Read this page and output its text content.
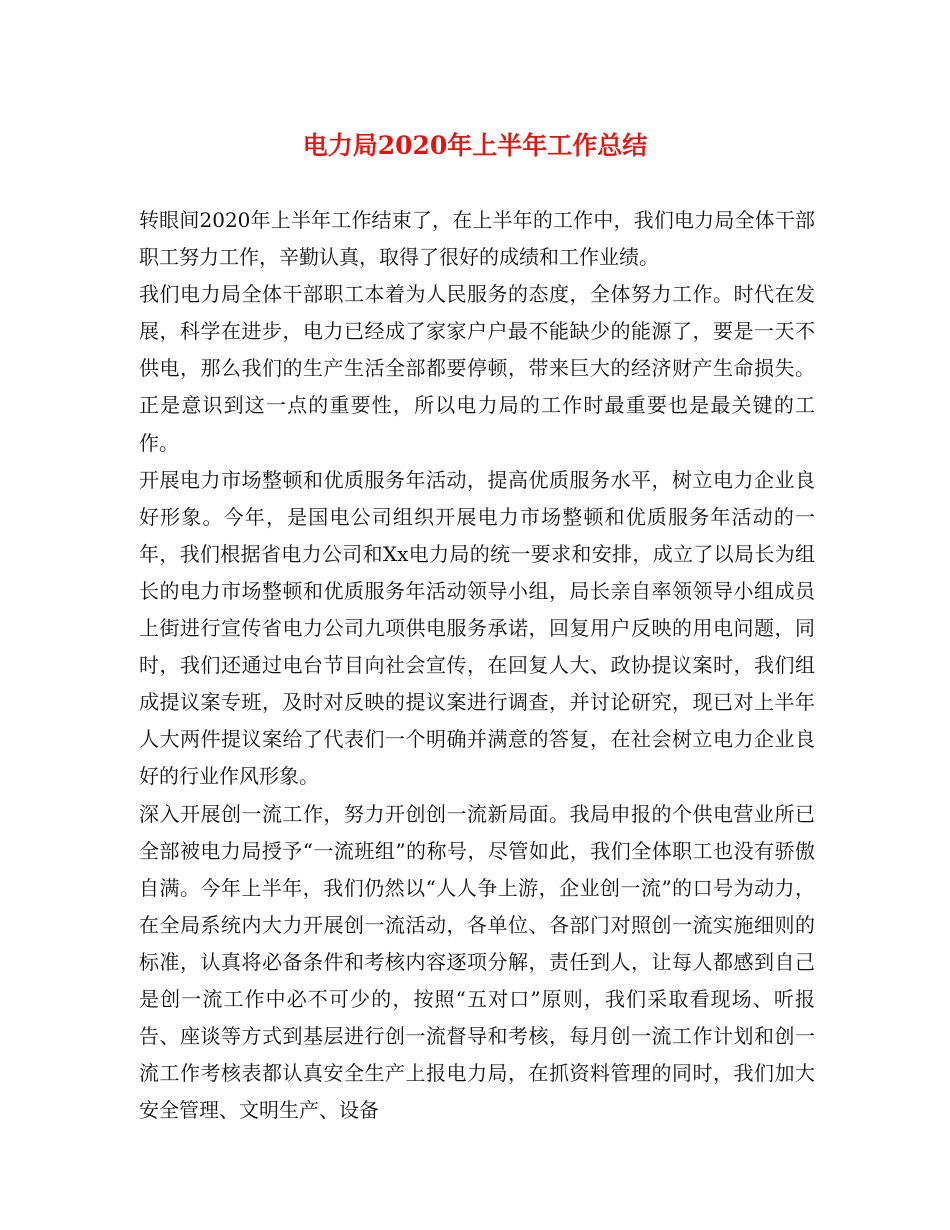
电力局2020年上半年工作总结

转眼间2020年上半年工作结束了，在上半年的工作中，我们电力局全体干部职工努力工作，辛勤认真，取得了很好的成绩和工作业绩。

我们电力局全体干部职工本着为人民服务的态度，全体努力工作。时代在发展，科学在进步，电力已经成了家家户户最不能缺少的能源了，要是一天不供电，那么我们的生产生活全部都要停顿，带来巨大的经济财产生命损失。正是意识到这一点的重要性，所以电力局的工作时最重要也是最关键的工作。

开展电力市场整顿和优质服务年活动，提高优质服务水平，树立电力企业良好形象。今年，是国电公司组织开展电力市场整顿和优质服务年活动的一年，我们根据省电力公司和Xx电力局的统一要求和安排，成立了以局长为组长的电力市场整顿和优质服务年活动领导小组，局长亲自率领领导小组成员上街进行宣传省电力公司九项供电服务承诺，回复用户反映的用电问题，同时，我们还通过电台节目向社会宣传，在回复人大、政协提议案时，我们组成提议案专班，及时对反映的提议案进行调查，并讨论研究，现已对上半年人大两件提议案给了代表们一个明确并满意的答复，在社会树立电力企业良好的行业作风形象。

深入开展创一流工作，努力开创创一流新局面。我局申报的个供电营业所已全部被电力局授予“一流班组”的称号，尽管如此，我们全体职工也没有骄傲自满。今年上半年，我们仍然以“人人争上游，企业创一流”的口号为动力，在全局系统内大力开展创一流活动，各单位、各部门对照创一流实施细则的标准，认真将必备条件和考核内容逐项分解，责任到人，让每人都感到自己是创一流工作中必不可少的，按照“五对口”原则，我们采取看现场、听报告、座谈等方式到基层进行创一流督导和考核，每月创一流工作计划和创一流工作考核表都认真安全生产上报电力局，在抓资料管理的同时，我们加大安全管理、文明生产、设备
